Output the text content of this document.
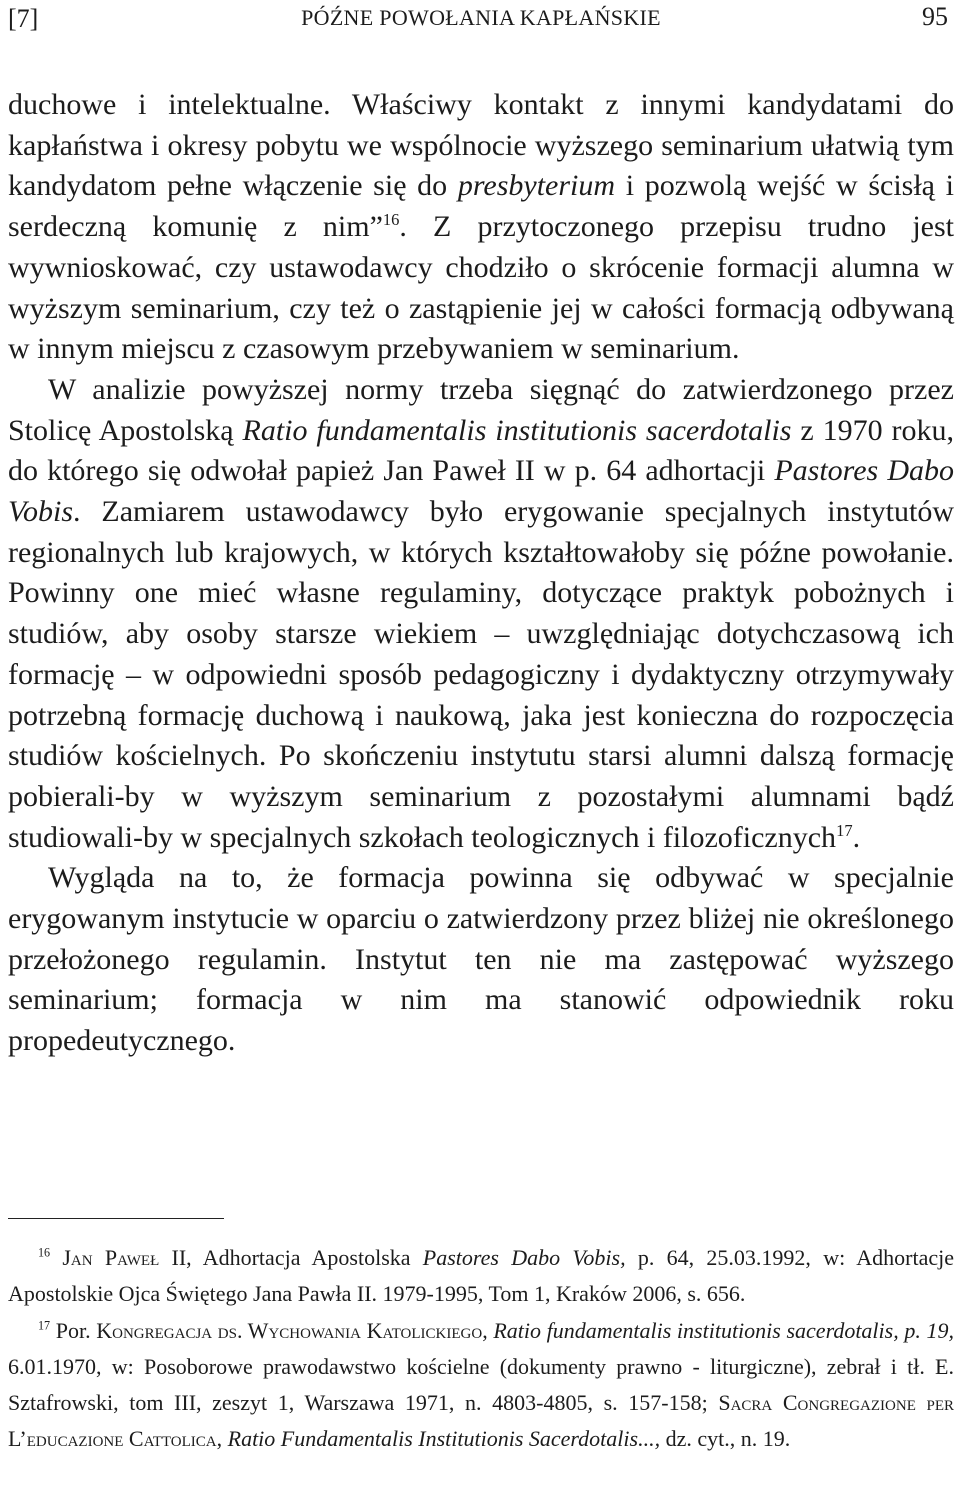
[7]	PÓŹNE POWOŁANIA KAPŁAŃSKIE	95

duchowe i intelektualne. Właściwy kontakt z innymi kandydatami do kapłaństwa i okresy pobytu we wspólnocie wyższego seminarium ułatwią tym kandydatom pełne włączenie się do presbyterium i pozwolą wejść w ścisłą i serdeczną komunię z nim”$^{16}$. Z przytoczonego przepisu trudno jest wywnioskować, czy ustawodawcy chodziło o skrócenie formacji alumna w wyższym seminarium, czy też o zastąpienie jej w całości formacją odbywaną w innym miejscu z czasowym przebywaniem w seminarium.

W analizie powyższej normy trzeba sięgnąć do zatwierdzonego przez Stolicę Apostolską Ratio fundamentalis institutionis sacerdotalis z 1970 roku, do którego się odwołał papież Jan Paweł II w p. 64 adhortacji Pastores Dabo Vobis. Zamiarem ustawodawcy było erygowanie specjalnych instytutów regionalnych lub krajowych, w których kształtowałoby się późne powołanie. Powinny one mieć własne regulaminy, dotyczące praktyk pobożnych i studiów, aby osoby starsze wiekiem – uwzględniając dotychczasową ich formację – w odpowiedni sposób pedagogiczny i dydaktyczny otrzymywały potrzebną formację duchową i naukową, jaka jest konieczna do rozpoczęcia studiów kościelnych. Po skończeniu instytutu starsi alumni dalszą formację pobierali-by w wyższym seminarium z pozostałymi alumnami bądź studiowali-by w specjalnych szkołach teologicznych i filozoficznych$^{17}$.

Wygląda na to, że formacja powinna się odbywać w specjalnie erygowanym instytucie w oparciu o zatwierdzony przez bliżej nie określonego przełożonego regulamin. Instytut ten nie ma zastępować wyższego seminarium; formacja w nim ma stanowić odpowiednik roku propedeutycznego.

$^{16}$ Jan Paweł II, Adhortacja Apostolska Pastores Dabo Vobis, p. 64, 25.03.1992, w: Adhortacje Apostolskie Ojca Świętego Jana Pawła II. 1979-1995, Tom 1, Kraków 2006, s. 656.

$^{17}$ Por. Kongregacja ds. Wychowania Katolickiego, Ratio fundamentalis institutionis sacerdotalis, p. 19, 6.01.1970, w: Posoborowe prawodawstwo kościelne (dokumenty prawno - liturgiczne), zebrał i tł. E. Sztafrowski, tom III, zeszyt 1, Warszawa 1971, n. 4803-4805, s. 157-158; Sacra Congregazione per L’educazione Cattolica, Ratio Fundamentalis Institutionis Sacerdotalis..., dz. cyt., n. 19.
